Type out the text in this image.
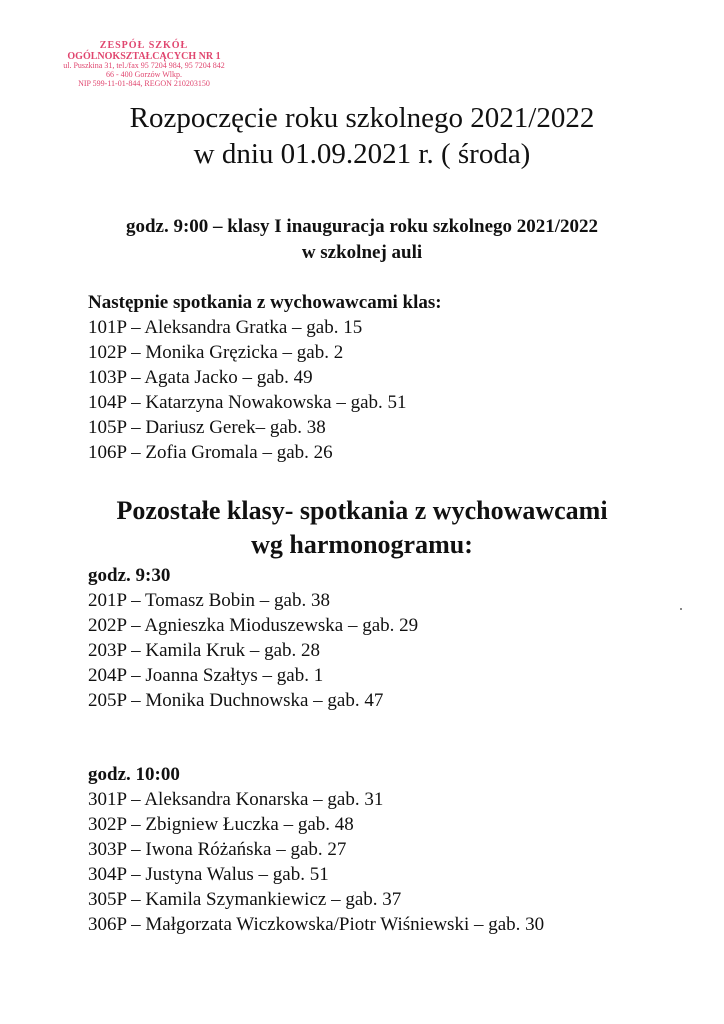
ZESPÓŁ SZKÓŁ
OGÓLNOKSZTAŁCĄCYCH NR 1
ul. Puszkina 31, tel./fax 95 7204 984, 95 7204 842
66 - 400 Gorzów Wlkp.
NIP 599-11-01-844, REGON 210203150
Rozpoczęcie roku szkolnego 2021/2022
w dniu 01.09.2021 r. ( środa)
godz. 9:00 – klasy I inauguracja roku szkolnego 2021/2022
w szkolnej auli
Następnie spotkania z wychowawcami klas:
101P – Aleksandra Gratka – gab. 15
102P – Monika Gręzicka – gab. 2
103P – Agata Jacko – gab. 49
104P – Katarzyna Nowakowska – gab. 51
105P – Dariusz Gerek– gab. 38
106P – Zofia Gromala – gab. 26
Pozostałe klasy- spotkania z wychowawcami
wg harmonogramu:
godz. 9:30
201P – Tomasz Bobin – gab. 38
202P – Agnieszka Mioduszewska – gab. 29
203P – Kamila Kruk – gab. 28
204P – Joanna Szałtys – gab. 1
205P – Monika Duchnowska – gab. 47
godz. 10:00
301P – Aleksandra Konarska – gab. 31
302P – Zbigniew Łuczka – gab. 48
303P – Iwona Różańska – gab. 27
304P – Justyna Walus – gab. 51
305P – Kamila Szymankiewicz – gab. 37
306P – Małgorzata Wiczkowska/Piotr Wiśniewski – gab. 30
